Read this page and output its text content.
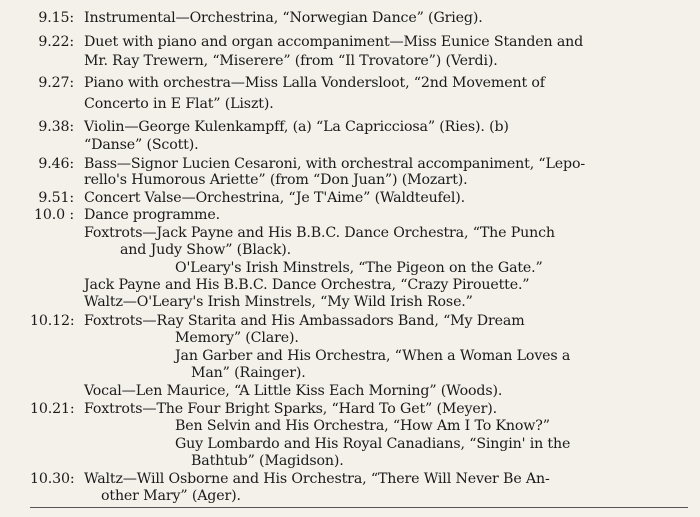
9.15: Instrumental—Orchestrina, “Norwegian Dance” (Grieg).
9.22: Duet with piano and organ accompaniment—Miss Eunice Standen and
Mr. Ray Trewern, “Miserere” (from “Il Trovatore”) (Verdi).
9.27: Piano with orchestra—Miss Lalla Vondersloot, “2nd Movement of
Concerto in E Flat” (Liszt).
9.38: Violin—George Kulenkampff, (a) “La Capricciosa” (Ries). (b)
“Danse” (Scott).
9.46: Bass—Signor Lucien Cesaroni, with orchestral accompaniment, “Lepo-
rello's Humorous Ariette” (from “Don Juan”) (Mozart).
9.51: Concert Valse—Orchestrina, “Je T'Aime” (Waldteufel).
10.0 : Dance programme.
Foxtrots—Jack Payne and His B.B.C. Dance Orchestra, “The Punch
and Judy Show” (Black).
O'Leary's Irish Minstrels, “The Pigeon on the Gate.”
Jack Payne and His B.B.C. Dance Orchestra, “Crazy Pirouette.”
Waltz—O'Leary's Irish Minstrels, “My Wild Irish Rose.”
10.12: Foxtrots—Ray Starita and His Ambassadors Band, “My Dream
Memory” (Clare).
Jan Garber and His Orchestra, “When a Woman Loves a
Man” (Rainger).
Vocal—Len Maurice, “A Little Kiss Each Morning” (Woods).
10.21: Foxtrots—The Four Bright Sparks, “Hard To Get” (Meyer).
Ben Selvin and His Orchestra, “How Am I To Know?”
Guy Lombardo and His Royal Canadians, “Singin' in the
Bathtub” (Magidson).
10.30: Waltz—Will Osborne and His Orchestra, “There Will Never Be An-
other Mary” (Ager).
